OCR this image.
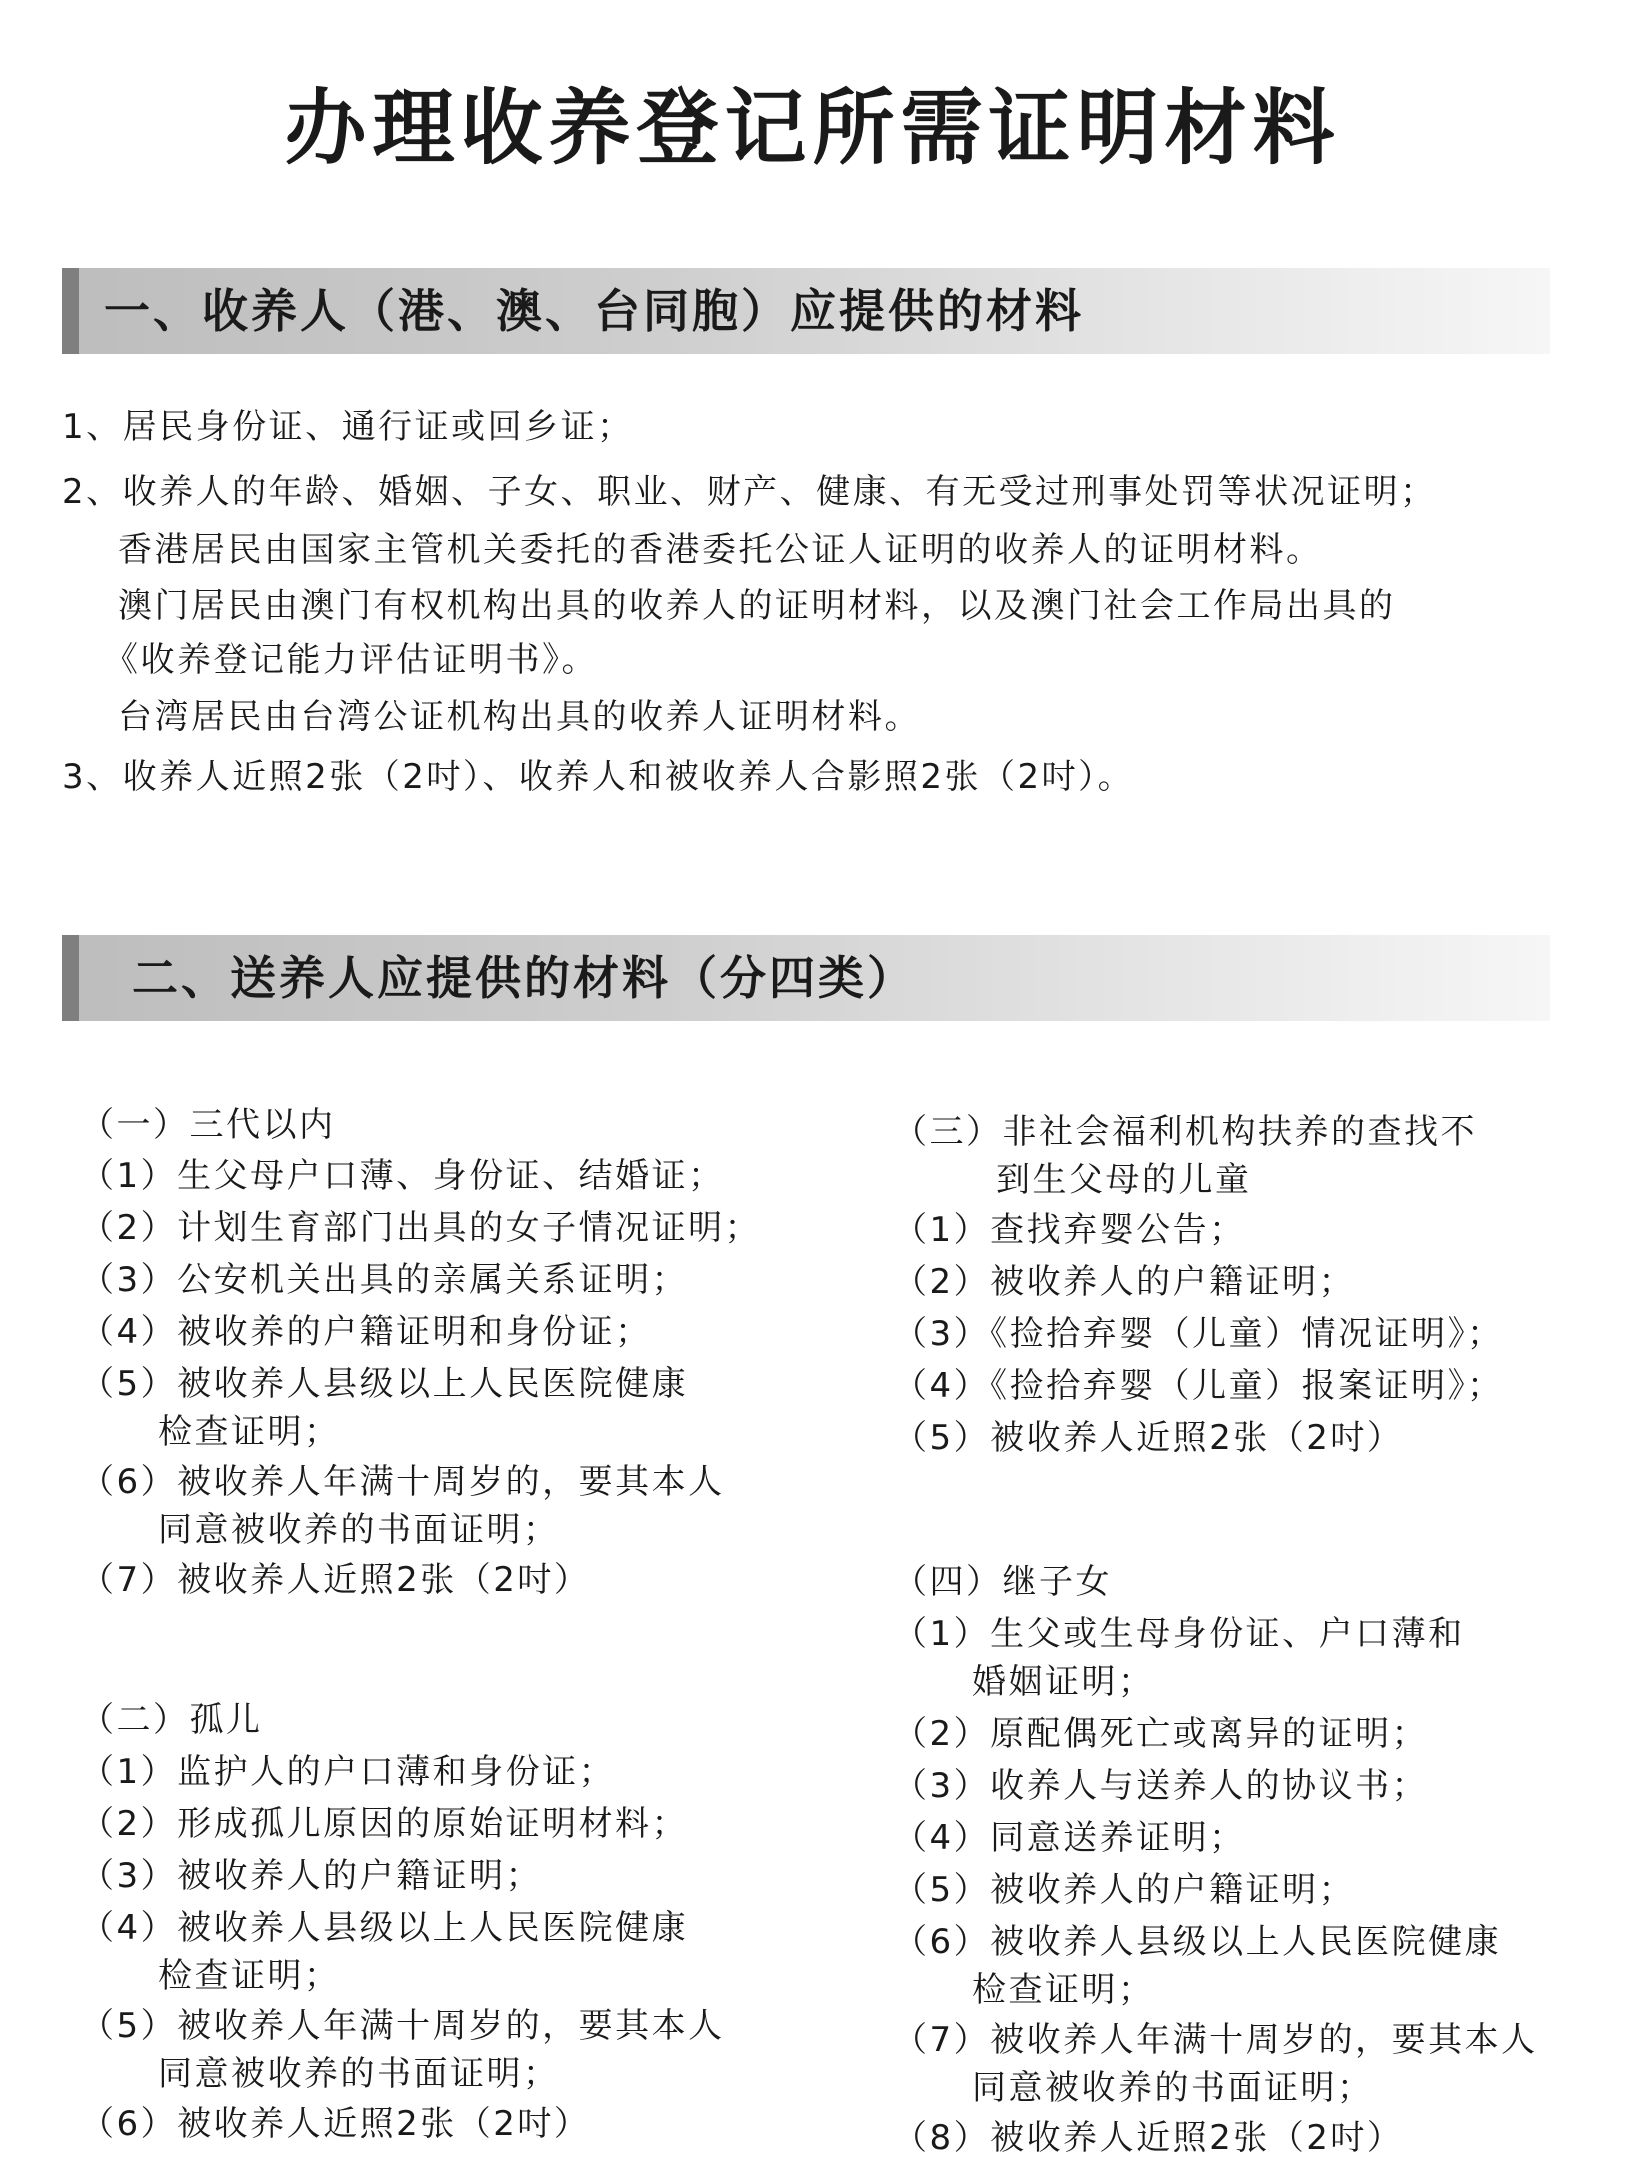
办理收养登记所需证明材料
一、收养人（港、澳、台同胞）应提供的材料
1、居民身份证、通行证或回乡证；
2、收养人的年龄、婚姻、子女、职业、财产、健康、有无受过刑事处罚等状况证明；
香港居民由国家主管机关委托的香港委托公证人证明的收养人的证明材料。
澳门居民由澳门有权机构出具的收养人的证明材料，以及澳门社会工作局出具的
《收养登记能力评估证明书》。
台湾居民由台湾公证机构出具的收养人证明材料。
3、收养人近照2张（2吋）、收养人和被收养人合影照2张（2吋）。
二、送养人应提供的材料（分四类）
（一）三代以内
（1）生父母户口薄、身份证、结婚证；
（2）计划生育部门出具的女子情况证明；
（3）公安机关出具的亲属关系证明；
（4）被收养的户籍证明和身份证；
（5）被收养人县级以上人民医院健康
检查证明；
（6）被收养人年满十周岁的，要其本人
同意被收养的书面证明；
（7）被收养人近照2张（2吋）
（二）孤儿
（1）监护人的户口薄和身份证；
（2）形成孤儿原因的原始证明材料；
（3）被收养人的户籍证明；
（4）被收养人县级以上人民医院健康
检查证明；
（5）被收养人年满十周岁的，要其本人
同意被收养的书面证明；
（6）被收养人近照2张（2吋）
（三）非社会福利机构扶养的查找不
到生父母的儿童
（1）查找弃婴公告；
（2）被收养人的户籍证明；
（3）《捡拾弃婴（儿童）情况证明》；
（4）《捡拾弃婴（儿童）报案证明》；
（5）被收养人近照2张（2吋）
（四）继子女
（1）生父或生母身份证、户口薄和
婚姻证明；
（2）原配偶死亡或离异的证明；
（3）收养人与送养人的协议书；
（4）同意送养证明；
（5）被收养人的户籍证明；
（6）被收养人县级以上人民医院健康
检查证明；
（7）被收养人年满十周岁的，要其本人
同意被收养的书面证明；
（8）被收养人近照2张（2吋）
